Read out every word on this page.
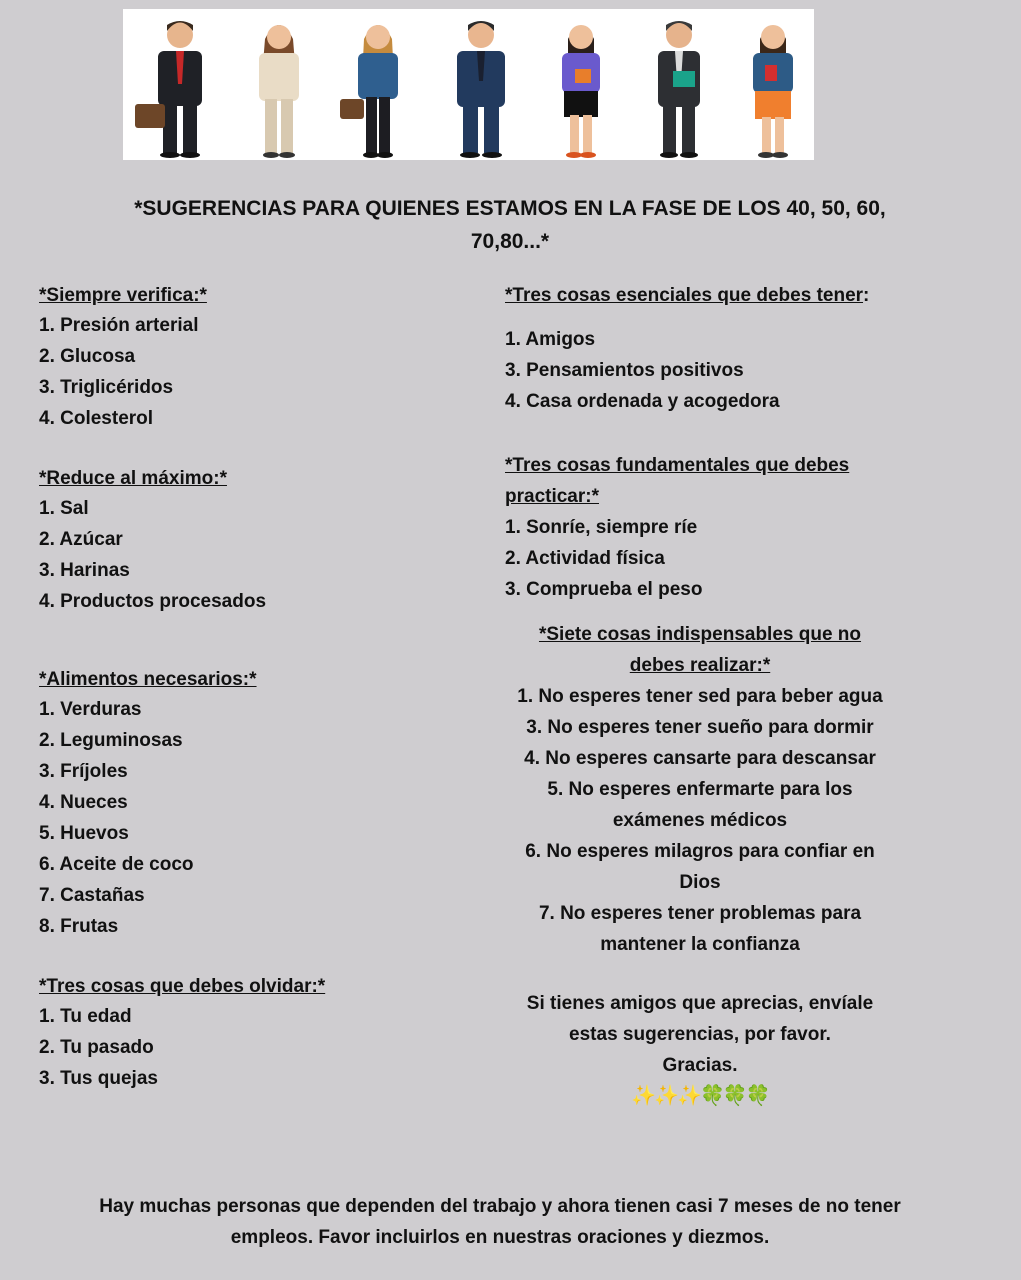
*SUGERENCIAS PARA QUIENES ESTAMOS EN LA FASE DE LOS 40, 50, 60,
70,80...*

*Siempre verifica:*

1. Presión arterial

2. Glucosa

3. Triglicéridos

4. Colesterol

*Reduce al máximo:*

1. Sal

2. Azúcar

3. Harinas

4. Productos procesados

*Alimentos necesarios:*

1. Verduras

2. Leguminosas

3. Fríjoles

4. Nueces

5. Huevos

6. Aceite de coco

7. Castañas

8. Frutas

*Tres cosas que debes olvidar:*

1. Tu edad

2. Tu pasado

3. Tus quejas

*Tres cosas esenciales que debes tener:

1. Amigos

3. Pensamientos positivos

4. Casa ordenada y acogedora

*Tres cosas fundamentales que debes

practicar:*

1. Sonríe, siempre ríe

2. Actividad física

3. Comprueba el peso

*Siete cosas indispensables que no

debes realizar:*

1. No esperes tener sed para beber agua

3. No esperes tener sueño para dormir

4. No esperes cansarte para descansar

5. No esperes enfermarte para los

exámenes médicos

6. No esperes milagros para confiar en

Dios

7. No esperes tener problemas para

mantener la confianza

Si tienes amigos que aprecias, envíale

estas sugerencias, por favor.

Gracias.

✨✨✨🍀🍀🍀

Hay muchas personas que dependen del trabajo y ahora tienen casi 7 meses de no tener
empleos. Favor incluirlos en nuestras oraciones y diezmos.
